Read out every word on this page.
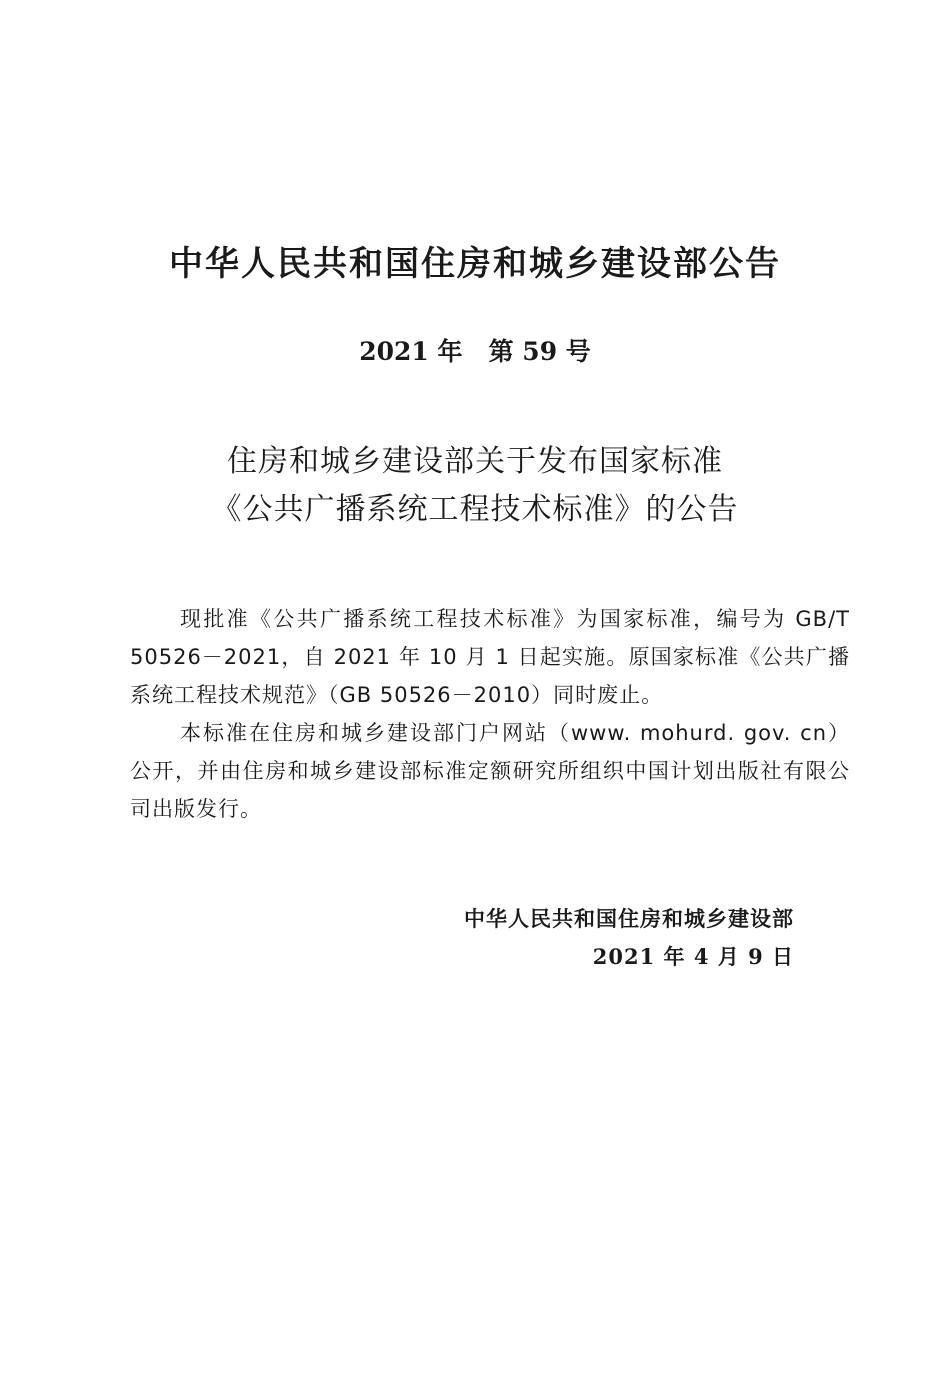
中华人民共和国住房和城乡建设部公告
2021 年   第 59 号
住房和城乡建设部关于发布国家标准
《公共广播系统工程技术标准》的公告

现批准《公共广播系统工程技术标准》为国家标准，编号为 GB/T 50526－2021，自 2021 年 10 月 1 日起实施。原国家标准《公共广播系统工程技术规范》（GB 50526－2010）同时废止。

本标准在住房和城乡建设部门户网站（www. mohurd. gov. cn）公开，并由住房和城乡建设部标准定额研究所组织中国计划出版社有限公司出版发行。

中华人民共和国住房和城乡建设部
2021 年 4 月 9 日
